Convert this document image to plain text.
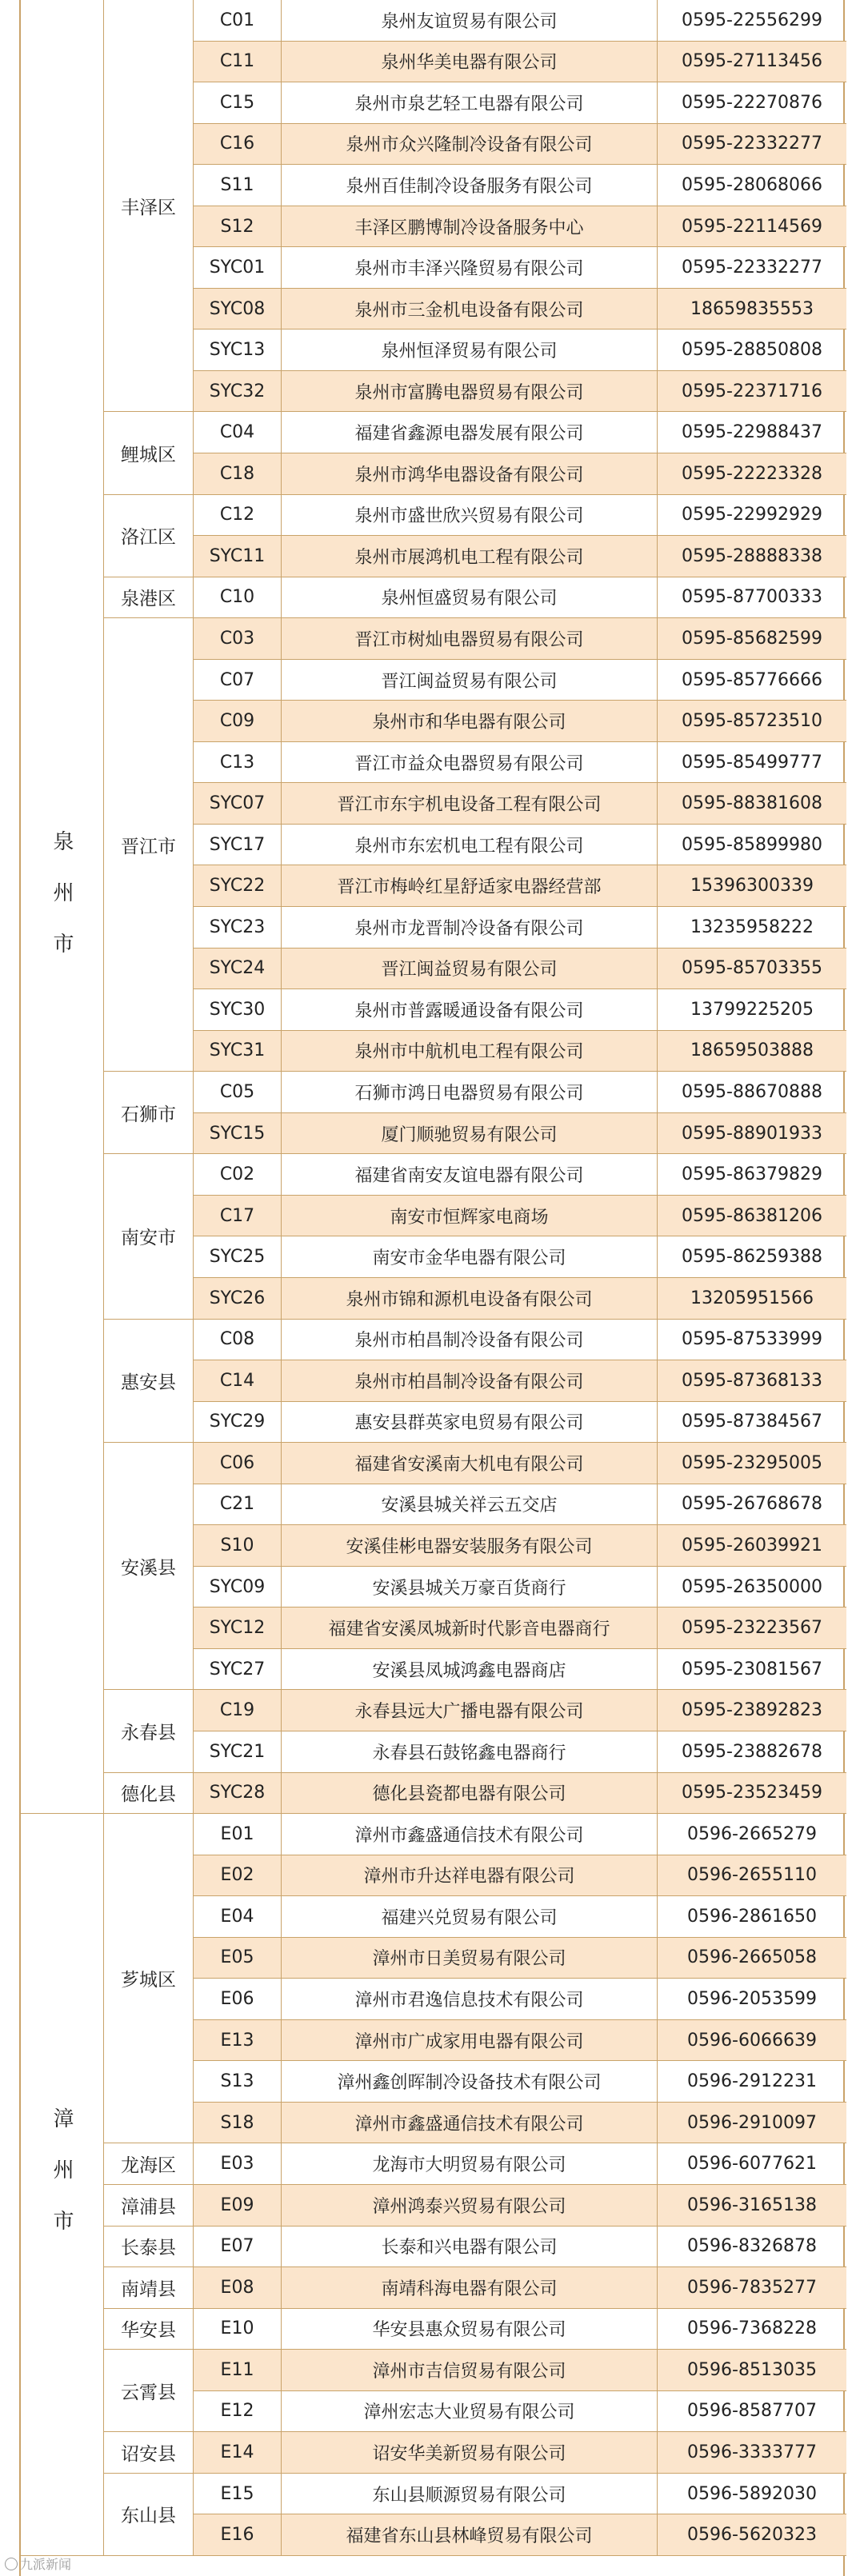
泉州市
丰泽区
C01	泉州友谊贸易有限公司	0595-22556299
C11	泉州华美电器有限公司	0595-27113456
C15	泉州市泉艺轻工电器有限公司	0595-22270876
C16	泉州市众兴隆制冷设备有限公司	0595-22332277
S11	泉州百佳制冷设备服务有限公司	0595-28068066
S12	丰泽区鹏博制冷设备服务中心	0595-22114569
SYC01	泉州市丰泽兴隆贸易有限公司	0595-22332277
SYC08	泉州市三金机电设备有限公司	18659835553
SYC13	泉州恒泽贸易有限公司	0595-28850808
SYC32	泉州市富腾电器贸易有限公司	0595-22371716
鲤城区
C04	福建省鑫源电器发展有限公司	0595-22988437
C18	泉州市鸿华电器设备有限公司	0595-22223328
洛江区
C12	泉州市盛世欣兴贸易有限公司	0595-22992929
SYC11	泉州市展鸿机电工程有限公司	0595-28888338
泉港区	C10	泉州恒盛贸易有限公司	0595-87700333
晋江市
C03	晋江市树灿电器贸易有限公司	0595-85682599
C07	晋江闽益贸易有限公司	0595-85776666
C09	泉州市和华电器有限公司	0595-85723510
C13	晋江市益众电器贸易有限公司	0595-85499777
SYC07	晋江市东宇机电设备工程有限公司	0595-88381608
SYC17	泉州市东宏机电工程有限公司	0595-85899980
SYC22	晋江市梅岭红星舒适家电器经营部	15396300339
SYC23	泉州市龙晋制冷设备有限公司	13235958222
SYC24	晋江闽益贸易有限公司	0595-85703355
SYC30	泉州市普露暖通设备有限公司	13799225205
SYC31	泉州市中航机电工程有限公司	18659503888
石狮市
C05	石狮市鸿日电器贸易有限公司	0595-88670888
SYC15	厦门顺驰贸易有限公司	0595-88901933
南安市
C02	福建省南安友谊电器有限公司	0595-86379829
C17	南安市恒辉家电商场	0595-86381206
SYC25	南安市金华电器有限公司	0595-86259388
SYC26	泉州市锦和源机电设备有限公司	13205951566
惠安县
C08	泉州市柏昌制冷设备有限公司	0595-87533999
C14	泉州市柏昌制冷设备有限公司	0595-87368133
SYC29	惠安县群英家电贸易有限公司	0595-87384567
安溪县
C06	福建省安溪南大机电有限公司	0595-23295005
C21	安溪县城关祥云五交店	0595-26768678
S10	安溪佳彬电器安装服务有限公司	0595-26039921
SYC09	安溪县城关万豪百货商行	0595-26350000
SYC12	福建省安溪凤城新时代影音电器商行	0595-23223567
SYC27	安溪县凤城鸿鑫电器商店	0595-23081567
永春县
C19	永春县远大广播电器有限公司	0595-23892823
SYC21	永春县石鼓铭鑫电器商行	0595-23882678
德化县	SYC28	德化县瓷都电器有限公司	0595-23523459
漳州市
芗城区
E01	漳州市鑫盛通信技术有限公司	0596-2665279
E02	漳州市升达祥电器有限公司	0596-2655110
E04	福建兴兑贸易有限公司	0596-2861650
E05	漳州市日美贸易有限公司	0596-2665058
E06	漳州市君逸信息技术有限公司	0596-2053599
E13	漳州市广成家用电器有限公司	0596-6066639
S13	漳州鑫创晖制冷设备技术有限公司	0596-2912231
S18	漳州市鑫盛通信技术有限公司	0596-2910097
龙海区	E03	龙海市大明贸易有限公司	0596-6077621
漳浦县	E09	漳州鸿泰兴贸易有限公司	0596-3165138
长泰县	E07	长泰和兴电器有限公司	0596-8326878
南靖县	E08	南靖科海电器有限公司	0596-7835277
华安县	E10	华安县惠众贸易有限公司	0596-7368228
云霄县
E11	漳州市吉信贸易有限公司	0596-8513035
E12	漳州宏志大业贸易有限公司	0596-8587707
诏安县	E14	诏安华美新贸易有限公司	0596-3333777
东山县
E15	东山县顺源贸易有限公司	0596-5892030
E16	福建省东山县林峰贸易有限公司	0596-5620323
九派新闻
